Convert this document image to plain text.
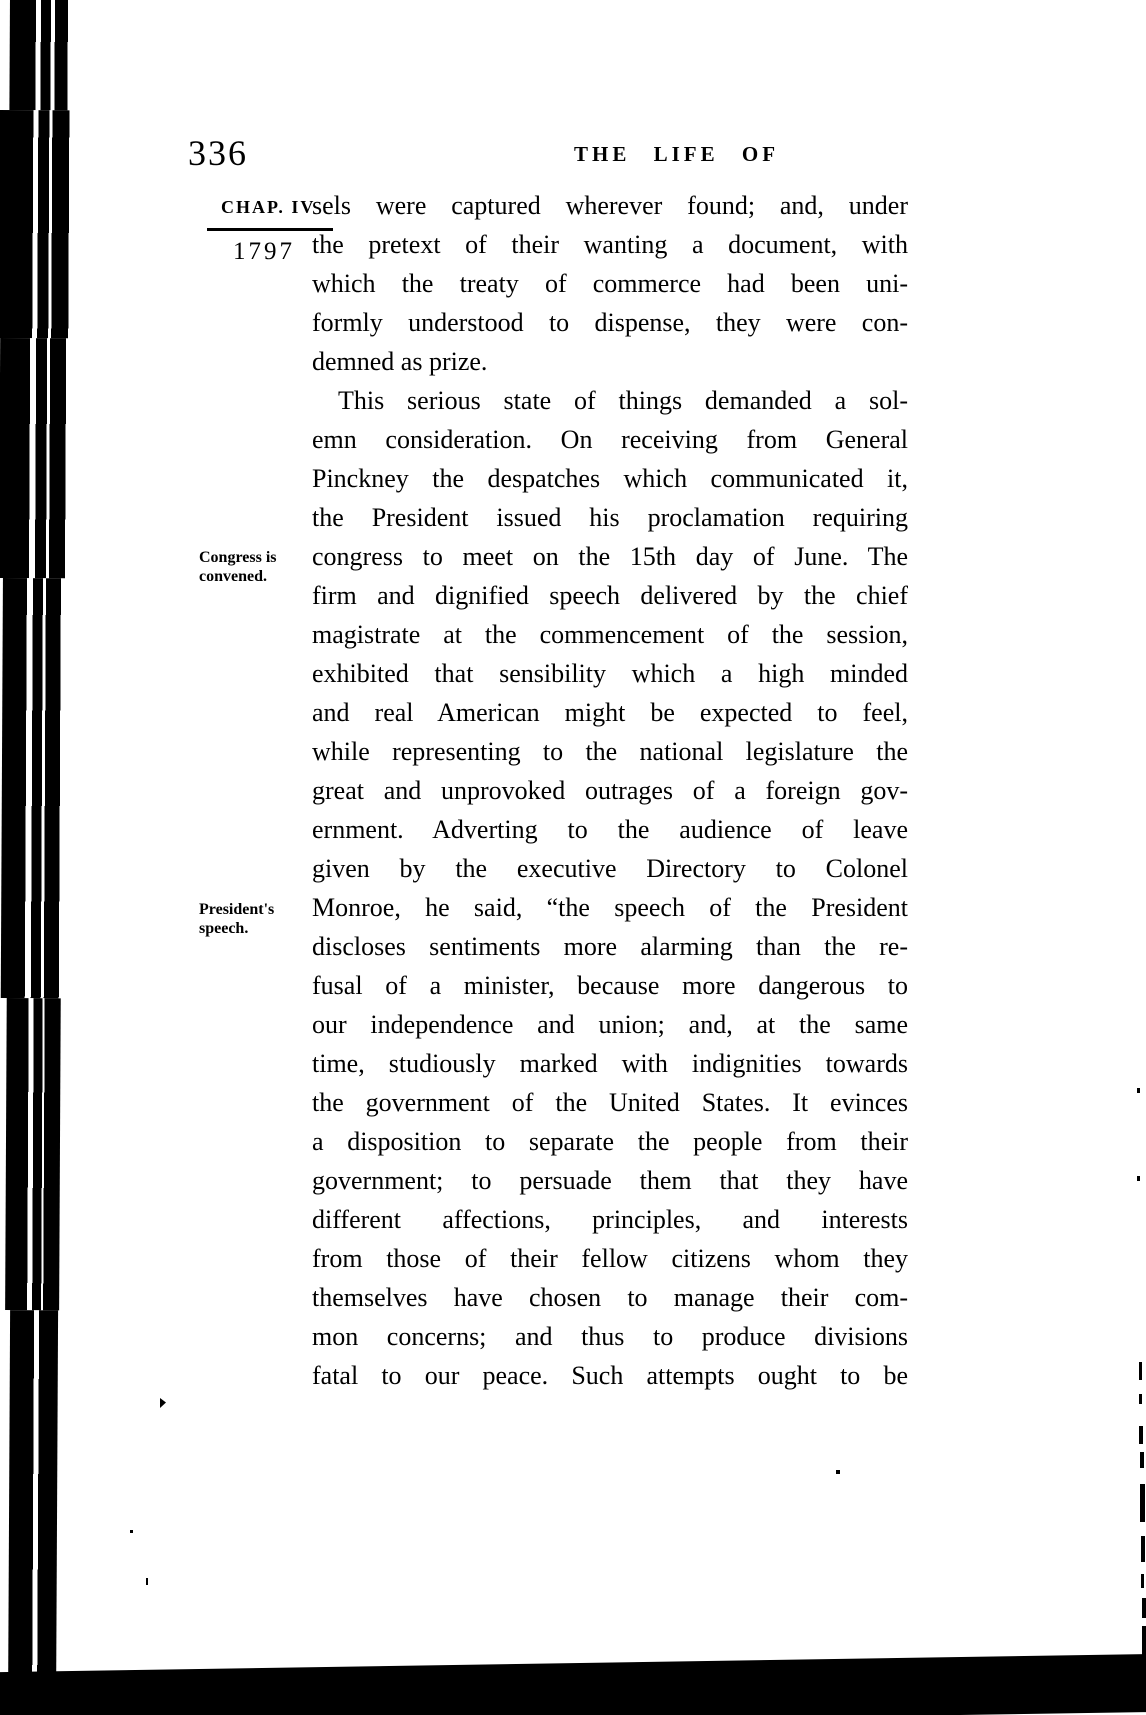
336	THE LIFE OF
CHAP. IV
1797
Congress is
convened.
President's
speech.
sels were captured wherever found; and, under
the pretext of their wanting a document, with
which the treaty of commerce had been uni-
formly understood to dispense, they were con-
demned as prize.
This serious state of things demanded a sol-
emn consideration. On receiving from General
Pinckney the despatches which communicated it,
the President issued his proclamation requiring
congress to meet on the 15th day of June. The
firm and dignified speech delivered by the chief
magistrate at the commencement of the session,
exhibited that sensibility which a high minded
and real American might be expected to feel,
while representing to the national legislature the
great and unprovoked outrages of a foreign gov-
ernment. Adverting to the audience of leave
given by the executive Directory to Colonel
Monroe, he said, “the speech of the President
discloses sentiments more alarming than the re-
fusal of a minister, because more dangerous to
our independence and union; and, at the same
time, studiously marked with indignities towards
the government of the United States. It evinces
a disposition to separate the people from their
government; to persuade them that they have
different affections, principles, and interests
from those of their fellow citizens whom they
themselves have chosen to manage their com-
mon concerns; and thus to produce divisions
fatal to our peace. Such attempts ought to be
